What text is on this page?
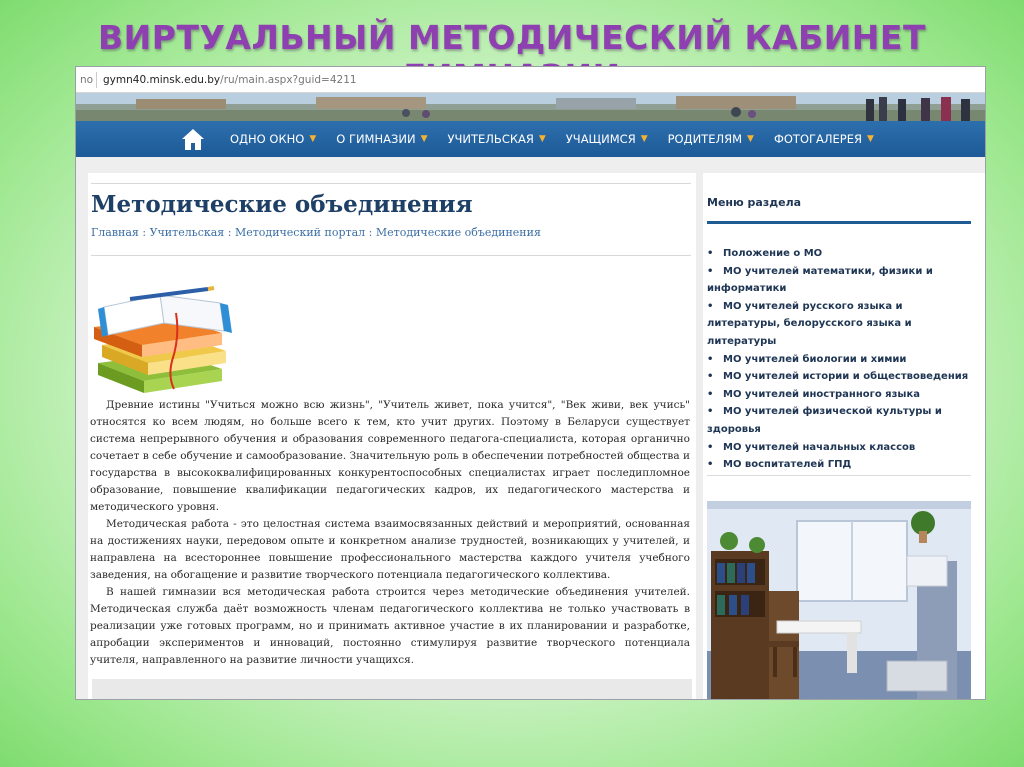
ВИРТУАЛЬНЫЙ МЕТОДИЧЕСКИЙ КАБИНЕТ
no gymn40.minsk.edu.by/ru/main.aspx?guid=4211
ОДНО ОКНО ▼ О ГИМНАЗИИ ▼ УЧИТЕЛЬСКАЯ ▼ УЧАЩИМСЯ ▼ РОДИТЕЛЯМ ▼ ФОТОГАЛЕРЕЯ ▼
Методические объединения
Главная : Учительская : Методический портал : Методические объединения

Древние истины "Учиться можно всю жизнь", "Учитель живет, пока учится", "Век живи, век учись" относятся ко всем людям, но больше всего к тем, кто учит других. Поэтому в Беларуси существует система непрерывного обучения и образования современного педагога-специалиста, которая органично сочетает в себе обучение и самообразование. Значительную роль в обеспечении потребностей общества и государства в высококвалифицированных конкурентоспособных специалистах играет последипломное образование, повышение квалификации педагогических кадров, их педагогического мастерства и методического уровня.

Методическая работа - это целостная система взаимосвязанных действий и мероприятий, основанная на достижениях науки, передовом опыте и конкретном анализе трудностей, возникающих у учителей, и направлена на всестороннее повышение профессионального мастерства каждого учителя учебного заведения, на обогащение и развитие творческого потенциала педагогического коллектива.

В нашей гимназии вся методическая работа строится через методические объединения учителей. Методическая служба даёт возможность членам педагогического коллектива не только участвовать в реализации уже готовых программ, но и принимать активное участие в их планировании и разработке, апробации экспериментов и инноваций, постоянно стимулируя развитие творческого потенциала учителя, направленного на развитие личности учащихся.

Меню раздела
• Положение о МО
• МО учителей математики, физики и информатики
• МО учителей русского языка и литературы, белорусского языка и литературы
• МО учителей биологии и химии
• МО учителей истории и обществоведения
• МО учителей иностранного языка
• МО учителей физической культуры и здоровья
• МО учителей начальных классов
• МО воспитателей ГПД
